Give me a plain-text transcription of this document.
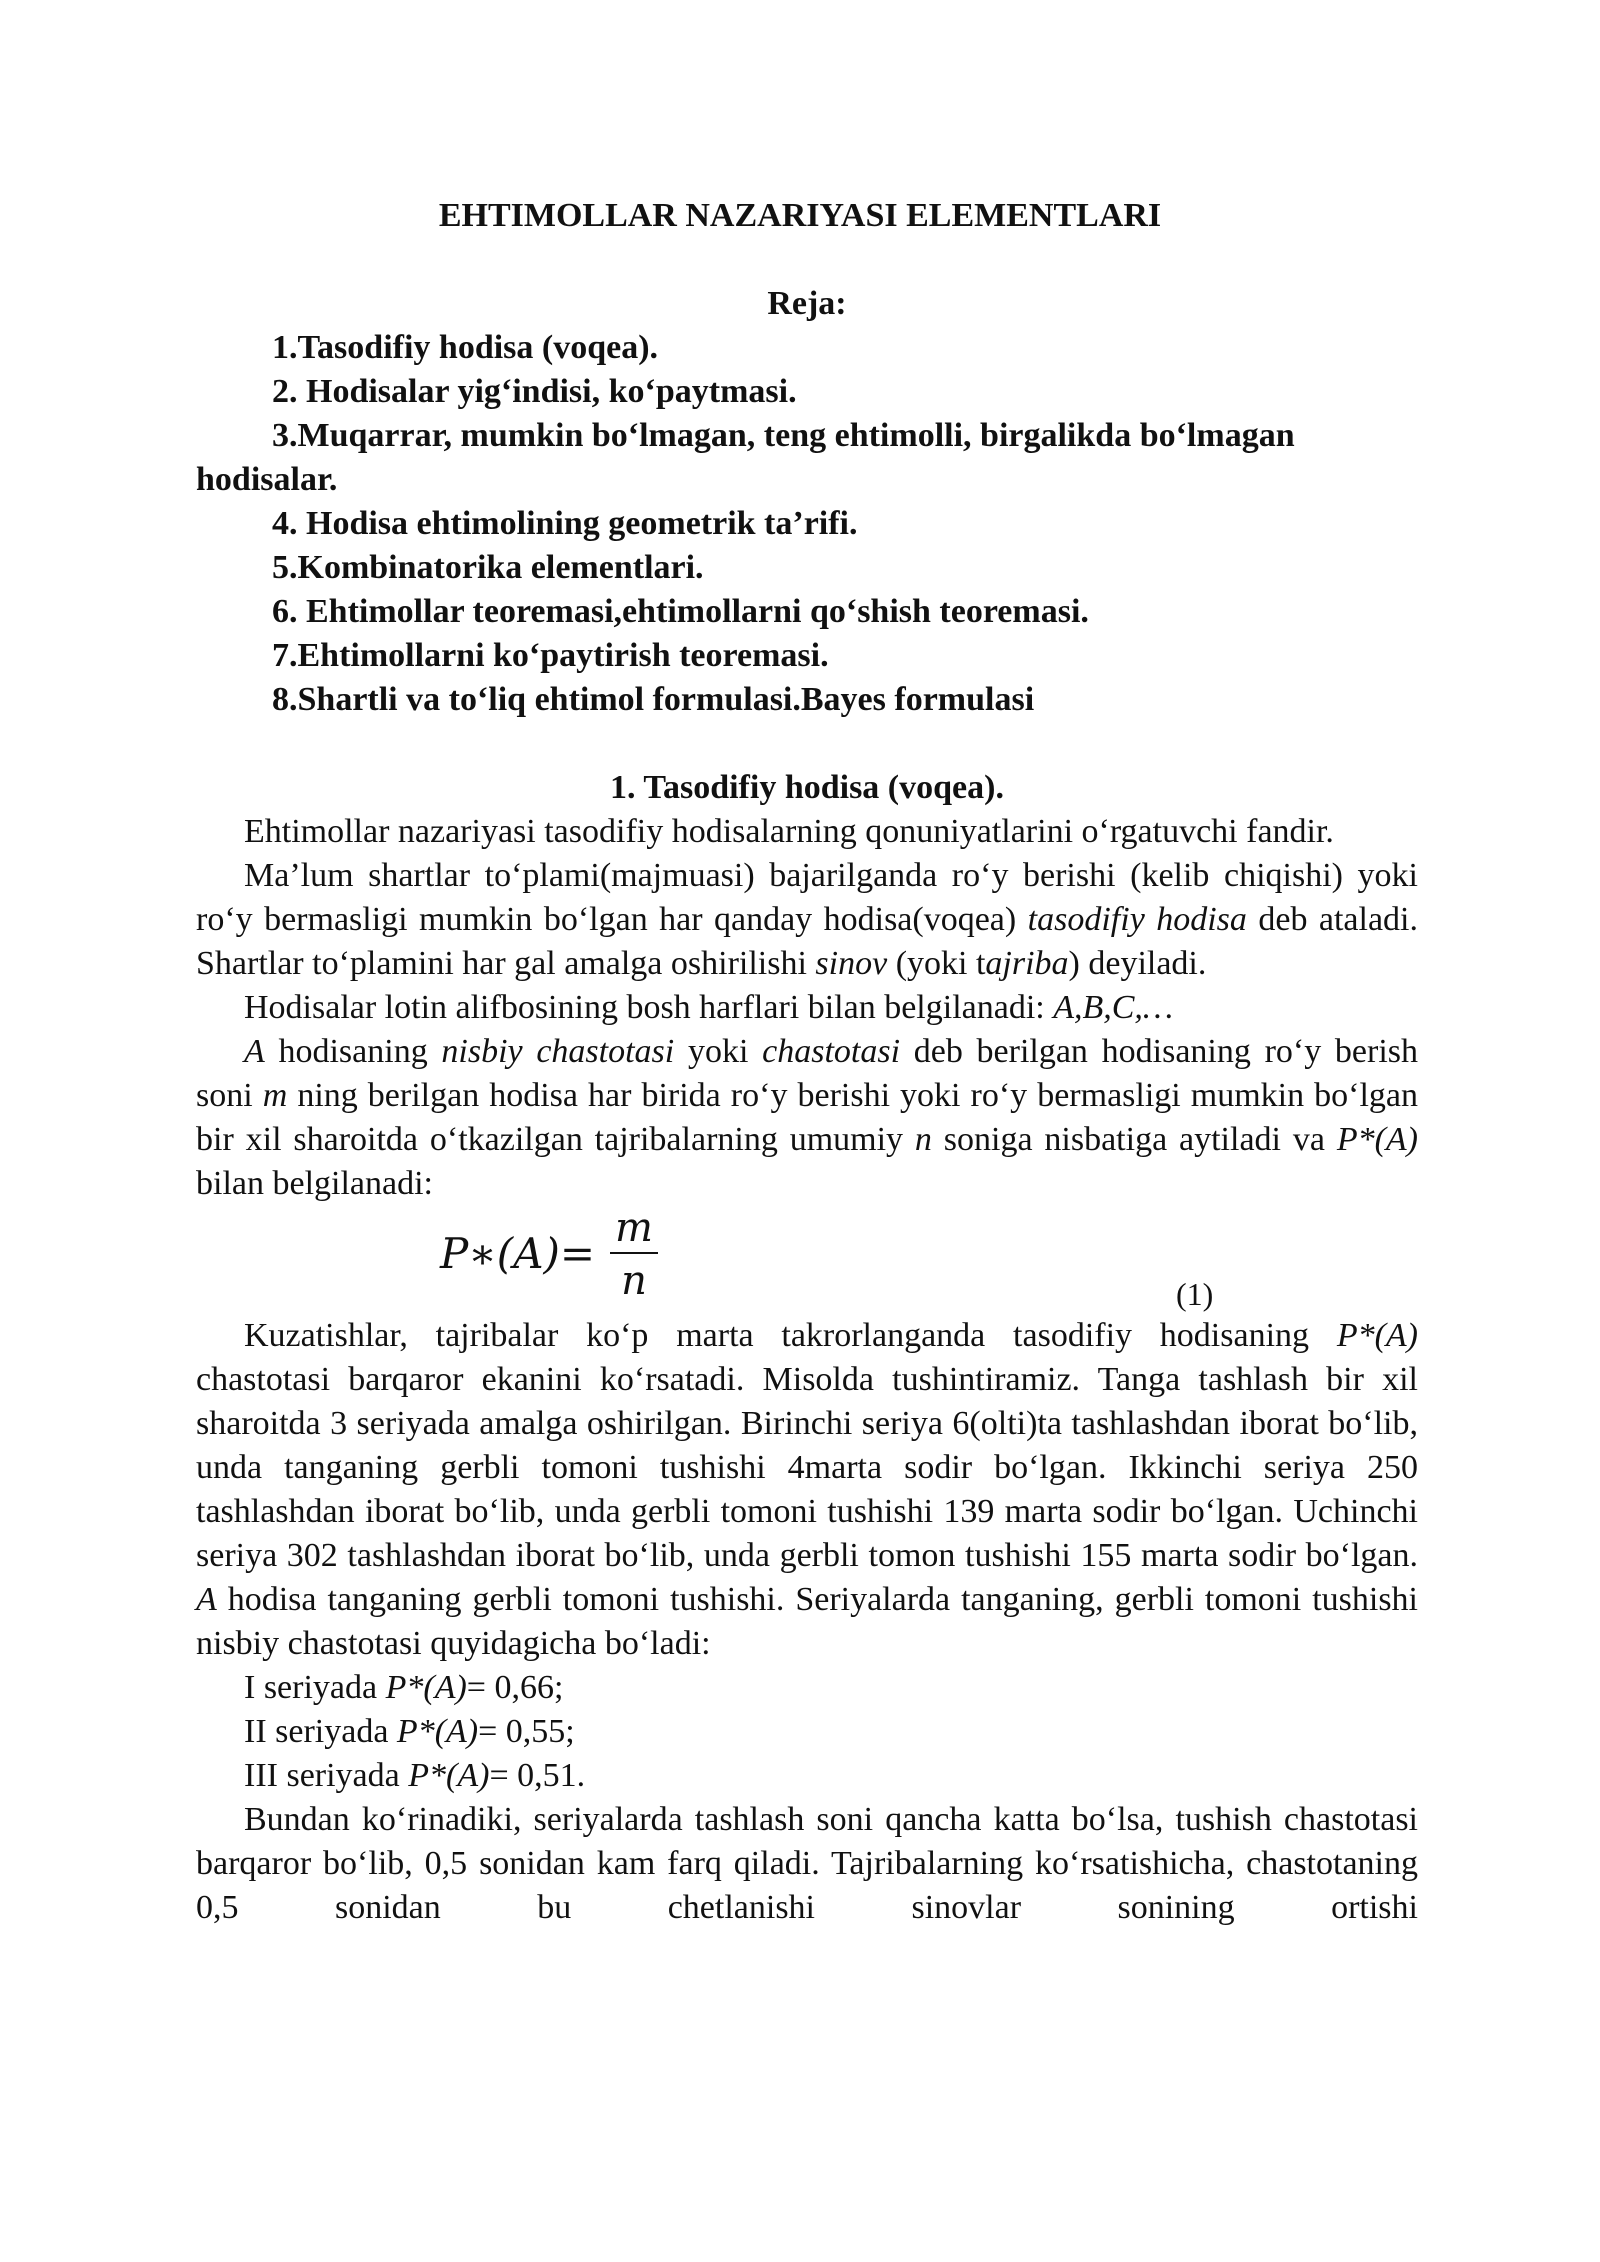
EHTIMOLLAR NAZARIYASI ELEMENTLARI
Reja:

1.Tasodifiy hodisa (voqea).

2. Hodisalar yig‘indisi, ko‘paytmasi.

3.Muqarrar, mumkin bo‘lmagan, teng ehtimolli, birgalikda bo‘lmagan hodisalar.

4. Hodisa ehtimolining geometrik ta’rifi.

5.Kombinatorika elementlari.

6. Ehtimollar teoremasi,ehtimollarni qo‘shish teoremasi.

7.Ehtimollarni ko‘paytirish teoremasi.

8.Shartli va to‘liq ehtimol formulasi.Bayes formulasi

1. Tasodifiy hodisa (voqea).

Ehtimollar nazariyasi tasodifiy hodisalarning qonuniyatlarini o‘rgatuvchi fandir.

Ma’lum shartlar to‘plami(majmuasi) bajarilganda ro‘y berishi (kelib chiqishi) yoki ro‘y bermasligi mumkin bo‘lgan har qanday hodisa(voqea) tasodifiy hodisa deb ataladi. Shartlar to‘plamini har gal amalga oshirilishi sinov (yoki tajriba) deyiladi.

Hodisalar lotin alifbosining bosh harflari bilan belgilanadi: A,B,C,…

A hodisaning nisbiy chastotasi yoki chastotasi deb berilgan hodisaning ro‘y berish soni m ning berilgan hodisa har birida ro‘y berishi yoki ro‘y bermasligi mumkin bo‘lgan bir xil sharoitda o‘tkazilgan tajribalarning umumiy n soniga nisbatiga aytiladi va P*(A) bilan belgilanadi:

P∗(A)=
m
n	(1)

Kuzatishlar, tajribalar ko‘p marta takrorlanganda tasodifiy hodisaning P*(A) chastotasi barqaror ekanini ko‘rsatadi. Misolda tushintiramiz. Tanga tashlash bir xil sharoitda 3 seriyada amalga oshirilgan. Birinchi seriya 6(olti)ta tashlashdan iborat bo‘lib, unda tanganing gerbli tomoni tushishi 4marta sodir bo‘lgan. Ikkinchi seriya 250 tashlashdan iborat bo‘lib, unda gerbli tomoni tushishi 139 marta sodir bo‘lgan. Uchinchi seriya 302 tashlashdan iborat bo‘lib, unda gerbli tomon tushishi 155 marta sodir bo‘lgan. A hodisa tanganing gerbli tomoni tushishi. Seriyalarda tanganing, gerbli tomoni tushishi nisbiy chastotasi quyidagicha bo‘ladi:

I seriyada P*(A)= 0,66;

II seriyada P*(A)= 0,55;

III seriyada P*(A)= 0,51.

Bundan ko‘rinadiki, seriyalarda tashlash soni qancha katta bo‘lsa, tushish chastotasi barqaror bo‘lib, 0,5 sonidan kam farq qiladi. Tajribalarning ko‘rsatishicha, chastotaning 0,5 sonidan bu chetlanishi sinovlar sonining ortishi
